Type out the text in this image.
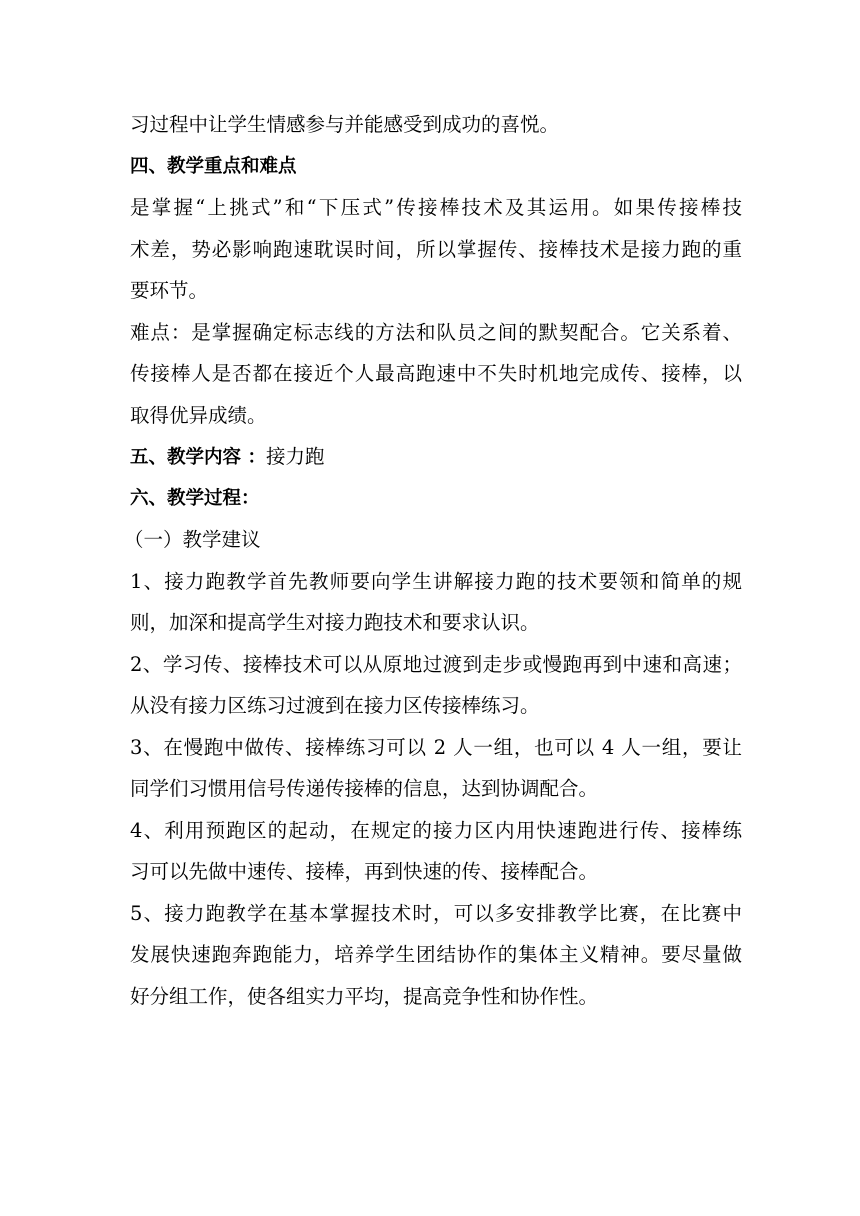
习过程中让学生情感参与并能感受到成功的喜悦。
四、教学重点和难点
是掌握“上挑式”和“下压式”传接棒技术及其运用。如果传接棒技
术差，势必影响跑速耽误时间，所以掌握传、接棒技术是接力跑的重
要环节。
难点：是掌握确定标志线的方法和队员之间的默契配合。它关系着、
传接棒人是否都在接近个人最高跑速中不失时机地完成传、接棒，以
取得优异成绩。
五、教学内容 ：接力跑
六、教学过程：
（一）教学建议
1、接力跑教学首先教师要向学生讲解接力跑的技术要领和简单的规
则，加深和提高学生对接力跑技术和要求认识。
2、学习传、接棒技术可以从原地过渡到走步或慢跑再到中速和高速；
从没有接力区练习过渡到在接力区传接棒练习。
3、在慢跑中做传、接棒练习可以 2 人一组，也可以 4 人一组，要让
同学们习惯用信号传递传接棒的信息，达到协调配合。
4、利用预跑区的起动，在规定的接力区内用快速跑进行传、接棒练
习可以先做中速传、接棒，再到快速的传、接棒配合。
5、接力跑教学在基本掌握技术时，可以多安排教学比赛，在比赛中
发展快速跑奔跑能力，培养学生团结协作的集体主义精神。要尽量做
好分组工作，使各组实力平均，提高竞争性和协作性。
